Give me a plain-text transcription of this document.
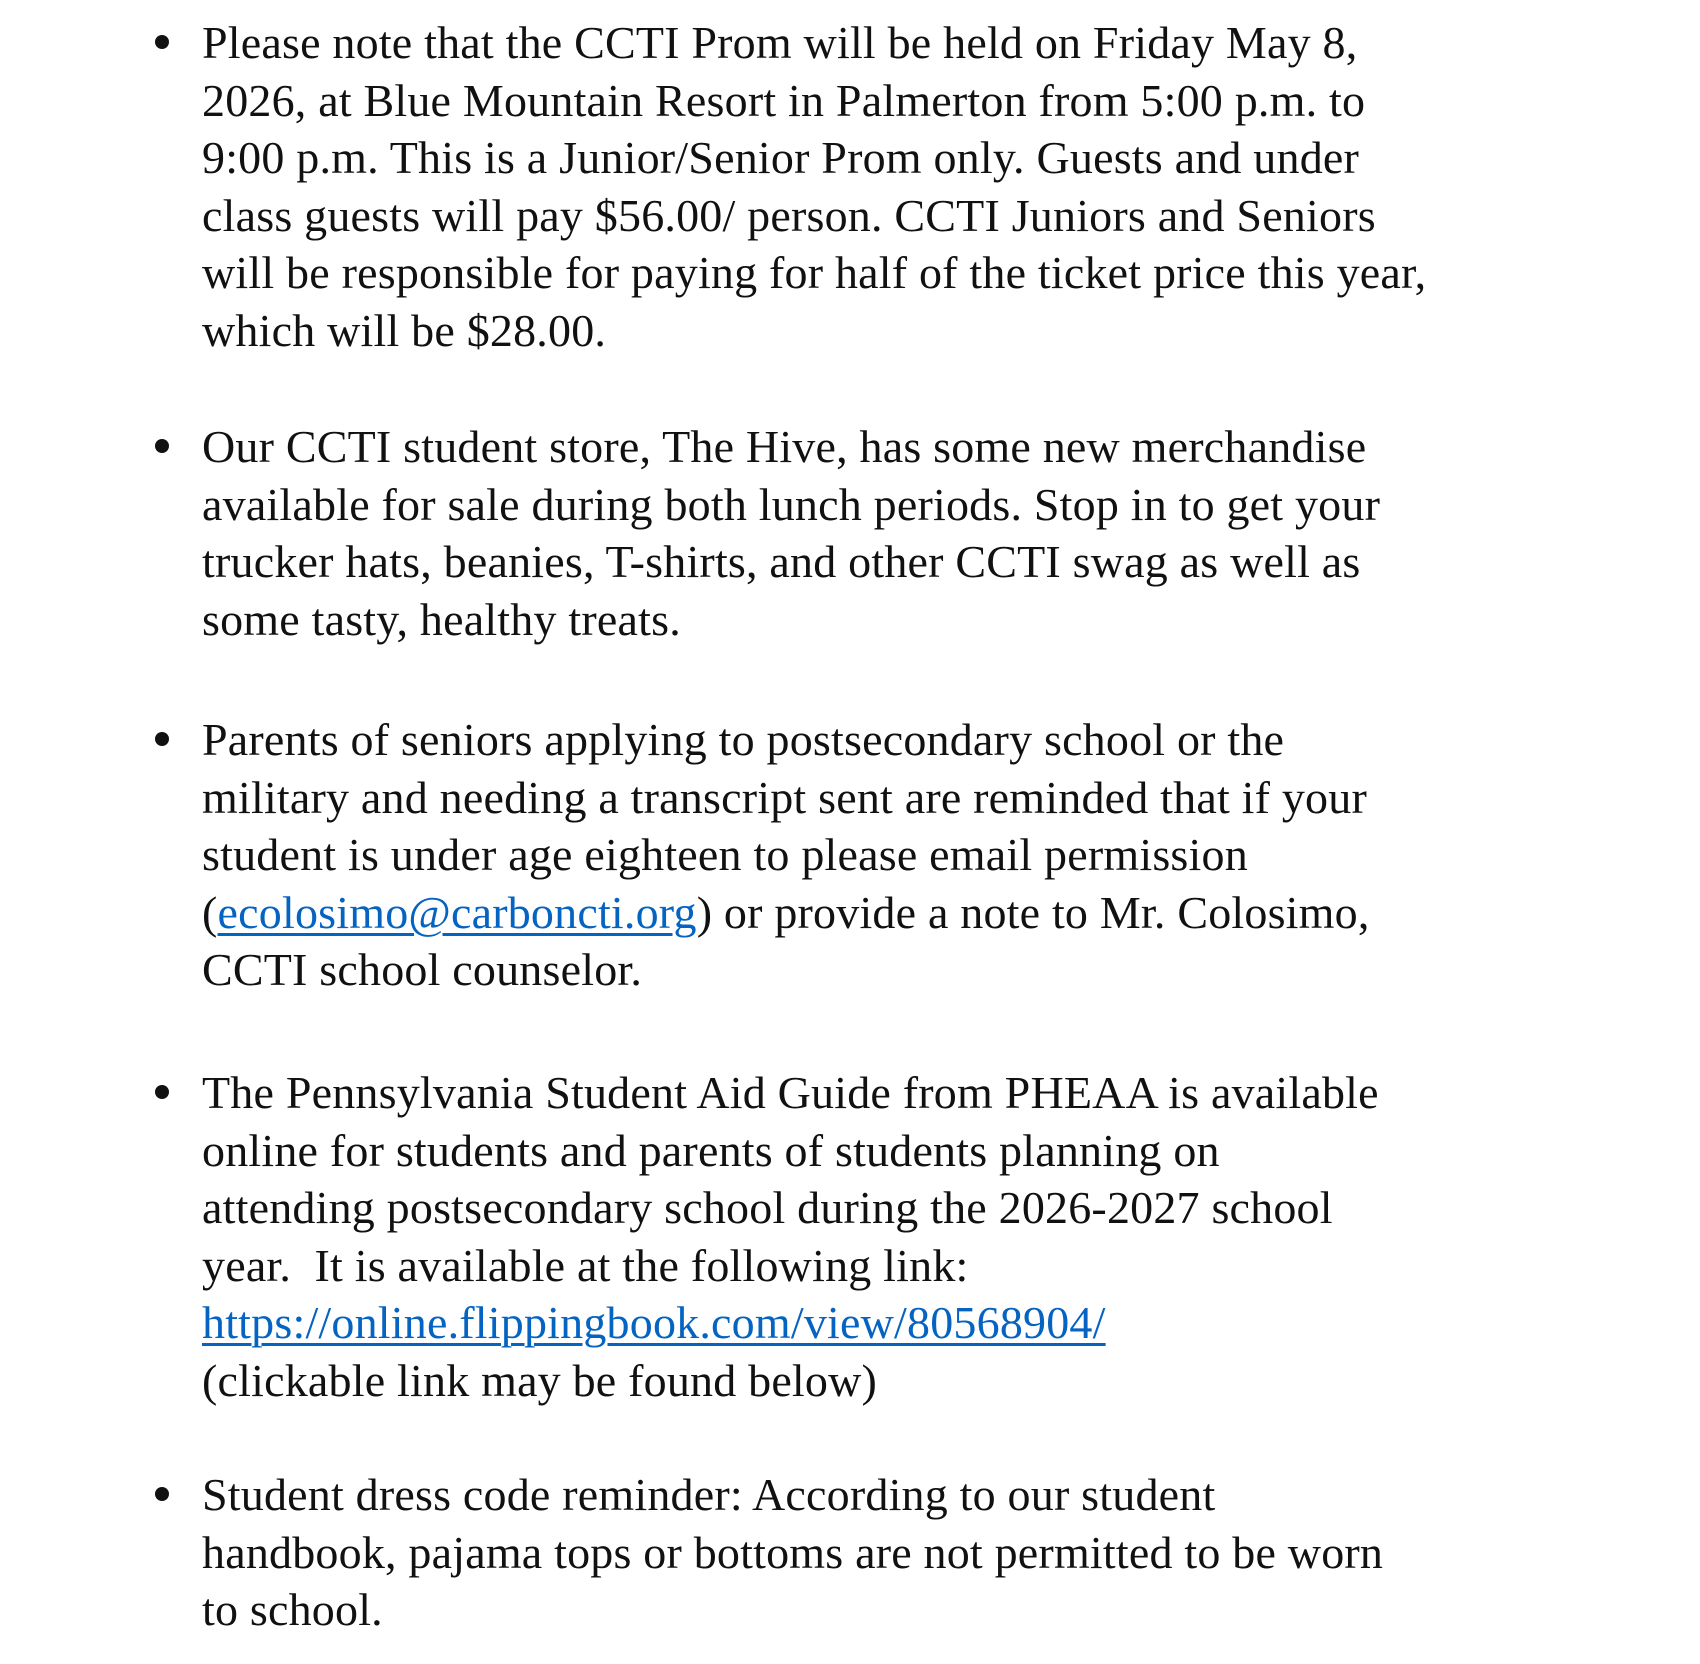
Please note that the CCTI Prom will be held on Friday May 8,
2026, at Blue Mountain Resort in Palmerton from 5:00 p.m. to
9:00 p.m. This is a Junior/Senior Prom only. Guests and under
class guests will pay $56.00/ person. CCTI Juniors and Seniors
will be responsible for paying for half of the ticket price this year,
which will be $28.00.
Our CCTI student store, The Hive, has some new merchandise
available for sale during both lunch periods. Stop in to get your
trucker hats, beanies, T-shirts, and other CCTI swag as well as
some tasty, healthy treats.
Parents of seniors applying to postsecondary school or the
military and needing a transcript sent are reminded that if your
student is under age eighteen to please email permission
(ecolosimo@carboncti.org) or provide a note to Mr. Colosimo,
CCTI school counselor.
The Pennsylvania Student Aid Guide from PHEAA is available
online for students and parents of students planning on
attending postsecondary school during the 2026-2027 school
year.  It is available at the following link:
https://online.flippingbook.com/view/80568904/
(clickable link may be found below)
Student dress code reminder: According to our student
handbook, pajama tops or bottoms are not permitted to be worn
to school.
